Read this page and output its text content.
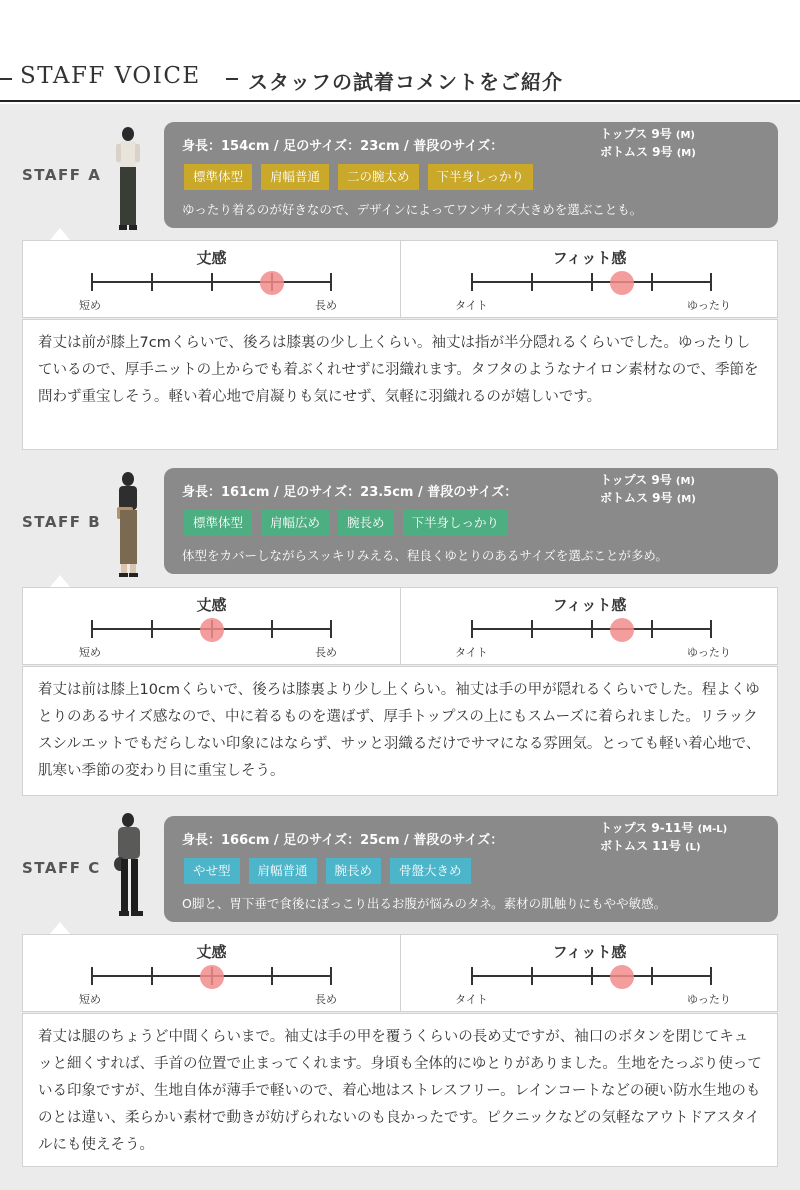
STAFF VOICE スタッフの試着コメントをご紹介
STAFF A
身長：154cm / 足のサイズ：23cm / 普段のサイズ：
トップス 9号 (M)
ボトムス 9号 (M)
標準体型	肩幅普通	二の腕太め	下半身しっかり
ゆったり着るのが好きなので、デザインによってワンサイズ大きめを選ぶことも。
丈感
短め	長め
フィット感
タイト	ゆったり
着丈は前が膝上7cmくらいで、後ろは膝裏の少し上くらい。袖丈は指が半分隠れるくらいでした。ゆったりしているので、厚手ニットの上からでも着ぶくれせずに羽織れます。タフタのようなナイロン素材なので、季節を問わず重宝しそう。軽い着心地で肩凝りも気にせず、気軽に羽織れるのが嬉しいです。
STAFF B
身長：161cm / 足のサイズ：23.5cm / 普段のサイズ：
トップス 9号 (M)
ボトムス 9号 (M)
標準体型	肩幅広め	腕長め	下半身しっかり
体型をカバーしながらスッキリみえる、程良くゆとりのあるサイズを選ぶことが多め。
丈感
短め	長め
フィット感
タイト	ゆったり
着丈は前は膝上10cmくらいで、後ろは膝裏より少し上くらい。袖丈は手の甲が隠れるくらいでした。程よくゆとりのあるサイズ感なので、中に着るものを選ばず、厚手トップスの上にもスムーズに着られました。リラックスシルエットでもだらしない印象にはならず、サッと羽織るだけでサマになる雰囲気。とっても軽い着心地で、肌寒い季節の変わり目に重宝しそう。
STAFF C
身長：166cm / 足のサイズ：25cm / 普段のサイズ：
トップス 9-11号 (M-L)
ボトムス 11号 (L)
やせ型	肩幅普通	腕長め	骨盤大きめ
O脚と、胃下垂で食後にぽっこり出るお腹が悩みのタネ。素材の肌触りにもやや敏感。
丈感
短め	長め
フィット感
タイト	ゆったり
着丈は腿のちょうど中間くらいまで。袖丈は手の甲を覆うくらいの長め丈ですが、袖口のボタンを閉じてキュッと細くすれば、手首の位置で止まってくれます。身頃も全体的にゆとりがありました。生地をたっぷり使っている印象ですが、生地自体が薄手で軽いので、着心地はストレスフリー。レインコートなどの硬い防水生地のものとは違い、柔らかい素材で動きが妨げられないのも良かったです。ピクニックなどの気軽なアウトドアスタイルにも使えそう。
